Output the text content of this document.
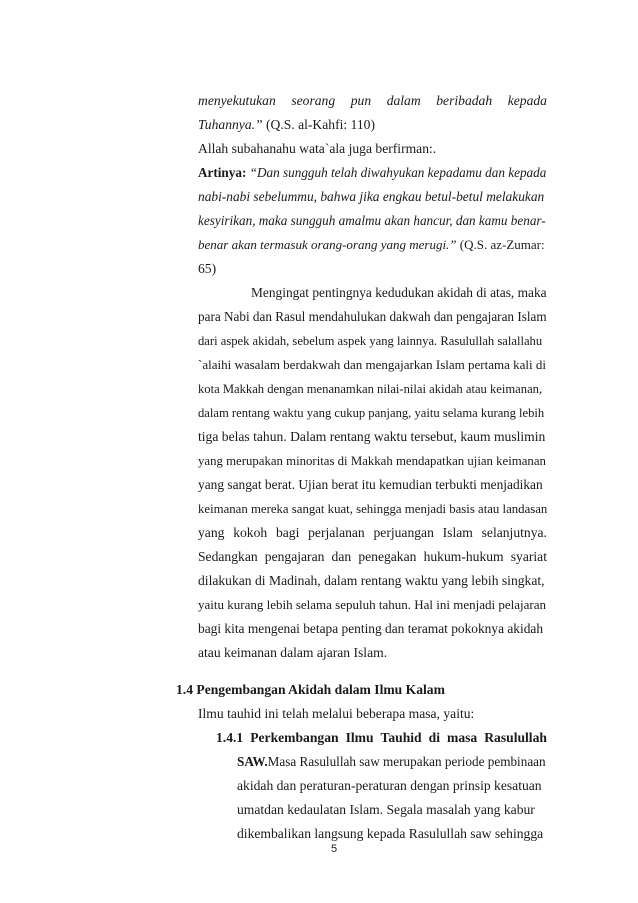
menyekutukan seorang pun dalam beribadah kepada
Tuhannya.” (Q.S. al-Kahfi: 110)
Allah subahanahu wata`ala juga berfirman:.
Artinya: “Dan sungguh telah diwahyukan kepadamu dan kepada
nabi-nabi sebelummu, bahwa jika engkau betul-betul melakukan
kesyirikan, maka sungguh amalmu akan hancur, dan kamu benar-
benar akan termasuk orang-orang yang merugi.” (Q.S. az-Zumar:
65)
Mengingat pentingnya kedudukan akidah di atas, maka
para Nabi dan Rasul mendahulukan dakwah dan pengajaran Islam
dari aspek akidah, sebelum aspek yang lainnya. Rasulullah salallahu
`alaihi wasalam berdakwah dan mengajarkan Islam pertama kali di
kota Makkah dengan menanamkan nilai-nilai akidah atau keimanan,
dalam rentang waktu yang cukup panjang, yaitu selama kurang lebih
tiga belas tahun. Dalam rentang waktu tersebut, kaum muslimin
yang merupakan minoritas di Makkah mendapatkan ujian keimanan
yang sangat berat. Ujian berat itu kemudian terbukti menjadikan
keimanan mereka sangat kuat, sehingga menjadi basis atau landasan
yang kokoh bagi perjalanan perjuangan Islam selanjutnya.
Sedangkan pengajaran dan penegakan hukum-hukum syariat
dilakukan di Madinah, dalam rentang waktu yang lebih singkat,
yaitu kurang lebih selama sepuluh tahun. Hal ini menjadi pelajaran
bagi kita mengenai betapa penting dan teramat pokoknya akidah
atau keimanan dalam ajaran Islam.
1.4 Pengembangan Akidah dalam Ilmu Kalam
Ilmu tauhid ini telah melalui beberapa masa, yaitu:
1.4.1 Perkembangan Ilmu Tauhid di masa Rasulullah
SAW.Masa Rasulullah saw merupakan periode pembinaan
akidah dan peraturan-peraturan dengan prinsip kesatuan
umatdan kedaulatan Islam. Segala masalah yang kabur
dikembalikan langsung kepada Rasulullah saw sehingga
5
